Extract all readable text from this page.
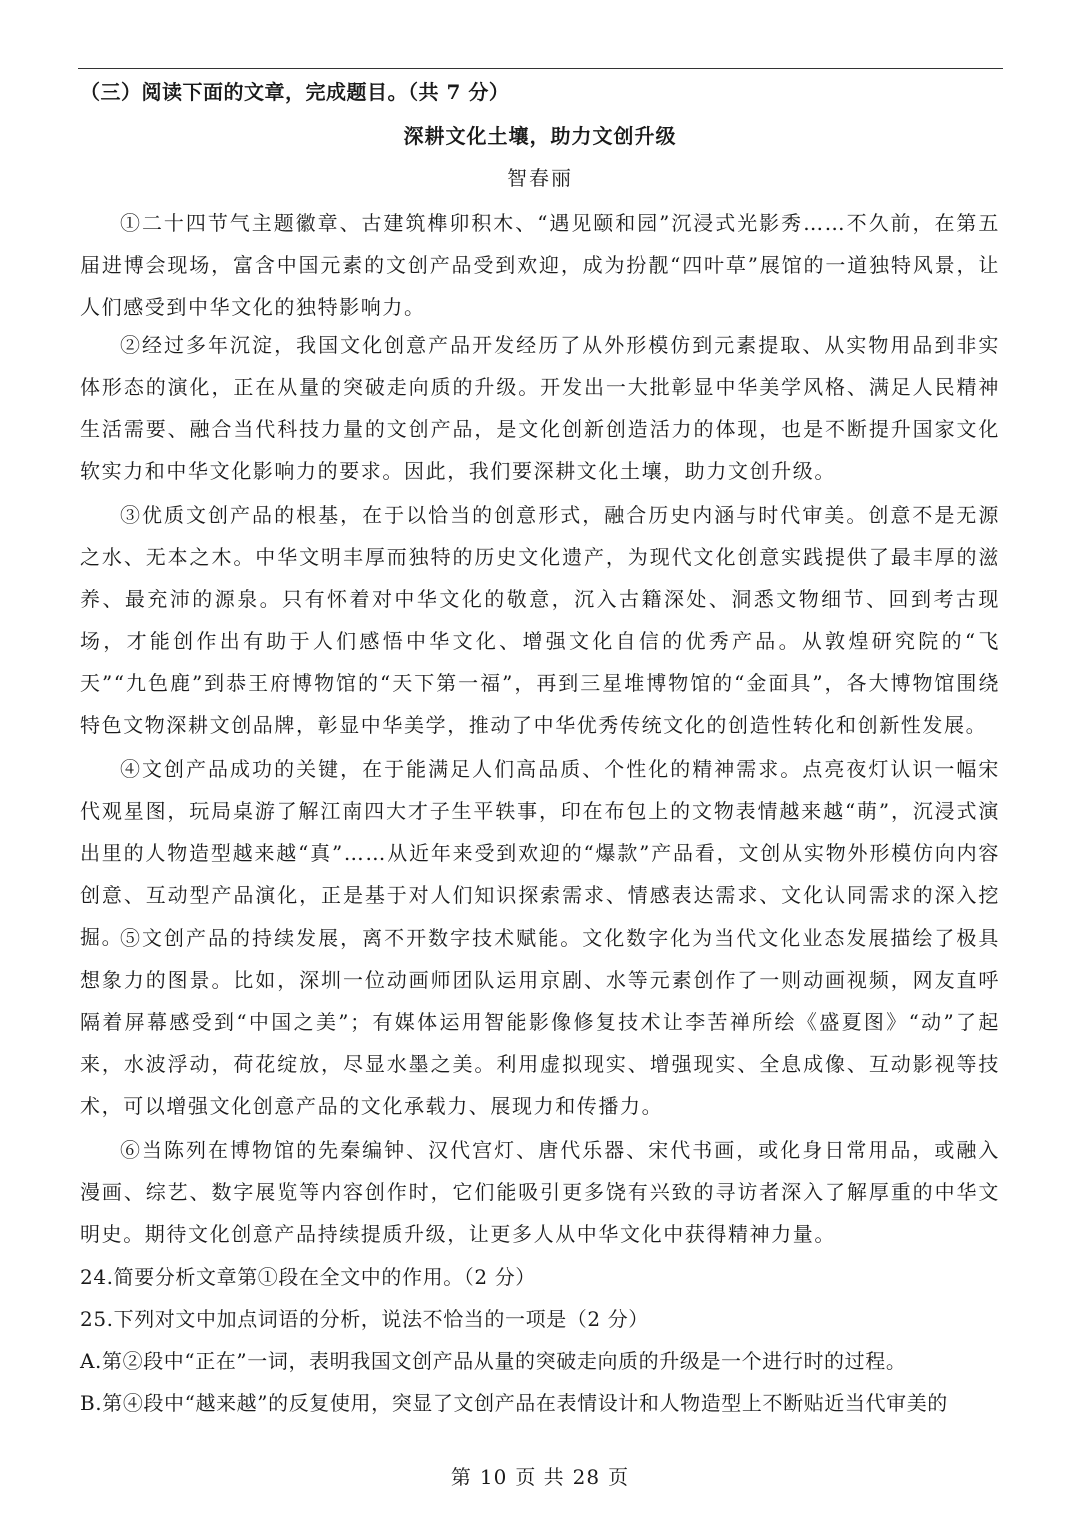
（三）阅读下面的文章，完成题目。（共 7 分）
深耕文化土壤，助力文创升级
智春丽
①二十四节气主题徽章、古建筑榫卯积木、“遇见颐和园”沉浸式光影秀……不久前，在第五届进博会现场，富含中国元素的文创产品受到欢迎，成为扮靓“四叶草”展馆的一道独特风景，让人们感受到中华文化的独特影响力。
②经过多年沉淀，我国文化创意产品开发经历了从外形模仿到元素提取、从实物用品到非实体形态的演化，正在从量的突破走向质的升级。开发出一大批彰显中华美学风格、满足人民精神生活需要、融合当代科技力量的文创产品，是文化创新创造活力的体现，也是不断提升国家文化软实力和中华文化影响力的要求。因此，我们要深耕文化土壤，助力文创升级。
③优质文创产品的根基，在于以恰当的创意形式，融合历史内涵与时代审美。创意不是无源之水、无本之木。中华文明丰厚而独特的历史文化遗产，为现代文化创意实践提供了最丰厚的滋养、最充沛的源泉。只有怀着对中华文化的敬意，沉入古籍深处、洞悉文物细节、回到考古现场，才能创作出有助于人们感悟中华文化、增强文化自信的优秀产品。从敦煌研究院的“飞天”“九色鹿”到恭王府博物馆的“天下第一福”，再到三星堆博物馆的“金面具”，各大博物馆围绕特色文物深耕文创品牌，彰显中华美学，推动了中华优秀传统文化的创造性转化和创新性发展。
④文创产品成功的关键，在于能满足人们高品质、个性化的精神需求。点亮夜灯认识一幅宋代观星图，玩局桌游了解江南四大才子生平轶事，印在布包上的文物表情越来越“萌”，沉浸式演出里的人物造型越来越“真”……从近年来受到欢迎的“爆款”产品看，文创从实物外形模仿向内容创意、互动型产品演化，正是基于对人们知识探索需求、情感表达需求、文化认同需求的深入挖掘。
⑤文创产品的持续发展，离不开数字技术赋能。文化数字化为当代文化业态发展描绘了极具想象力的图景。比如，深圳一位动画师团队运用京剧、水等元素创作了一则动画视频，网友直呼隔着屏幕感受到“中国之美”；有媒体运用智能影像修复技术让李苦禅所绘《盛夏图》“动”了起来，水波浮动，荷花绽放，尽显水墨之美。利用虚拟现实、增强现实、全息成像、互动影视等技术，可以增强文化创意产品的文化承载力、展现力和传播力。
⑥当陈列在博物馆的先秦编钟、汉代宫灯、唐代乐器、宋代书画，或化身日常用品，或融入漫画、综艺、数字展览等内容创作时，它们能吸引更多饶有兴致的寻访者深入了解厚重的中华文明史。期待文化创意产品持续提质升级，让更多人从中华文化中获得精神力量。
24.简要分析文章第①段在全文中的作用。（2 分）
25.下列对文中加点词语的分析，说法不恰当的一项是（2 分）
A.第②段中“正在”一词，表明我国文创产品从量的突破走向质的升级是一个进行时的过程。
B.第④段中“越来越”的反复使用，突显了文创产品在表情设计和人物造型上不断贴近当代审美的
第 10 页 共 28 页
